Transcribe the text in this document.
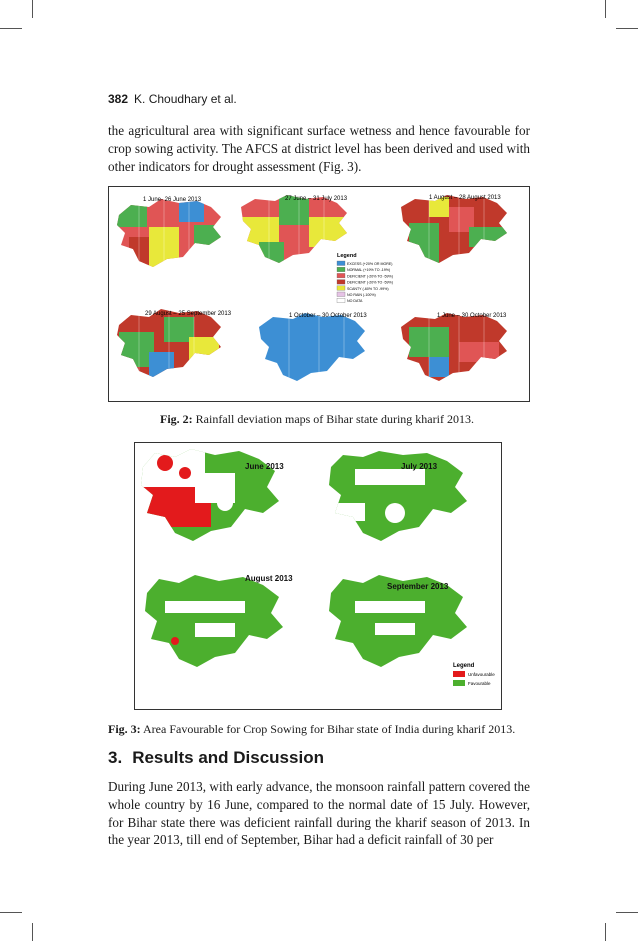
382 K. Choudhary et al.

the agricultural area with significant surface wetness and hence favourable for crop sowing activity. The AFCS at district level has been derived and used with other indicators for drought assessment (Fig. 3).

1 June- 26 June 2013	27 June – 31 July 2013	1 August – 28 August 2013
29 August – 25 September 2013	1 October – 30 October 2013	1 June – 30 October 2013
Legend
EXCESS (+20% OR MORE)
NORMAL (+19% TO -19%)
DEFICIENT (-20% TO -59%)
DEFICIENT (-20% TO -59%)
SCANTY (-60% TO -99%)
NO RAIN (-100%)
NO DATA
Fig. 2: Rainfall deviation maps of Bihar state during kharif 2013.
June 2013	July 2013
August 2013
September 2013
Legend
Unfavourable
Favourable
Fig. 3: Area Favourable for Crop Sowing for Bihar state of India during kharif 2013.
3. Results and Discussion

During June 2013, with early advance, the monsoon rainfall pattern covered the whole country by 16 June, compared to the normal date of 15 July. However, for Bihar state there was deficient rainfall during the kharif season of 2013. In the year 2013, till end of September, Bihar had a deficit rainfall of 30 per
